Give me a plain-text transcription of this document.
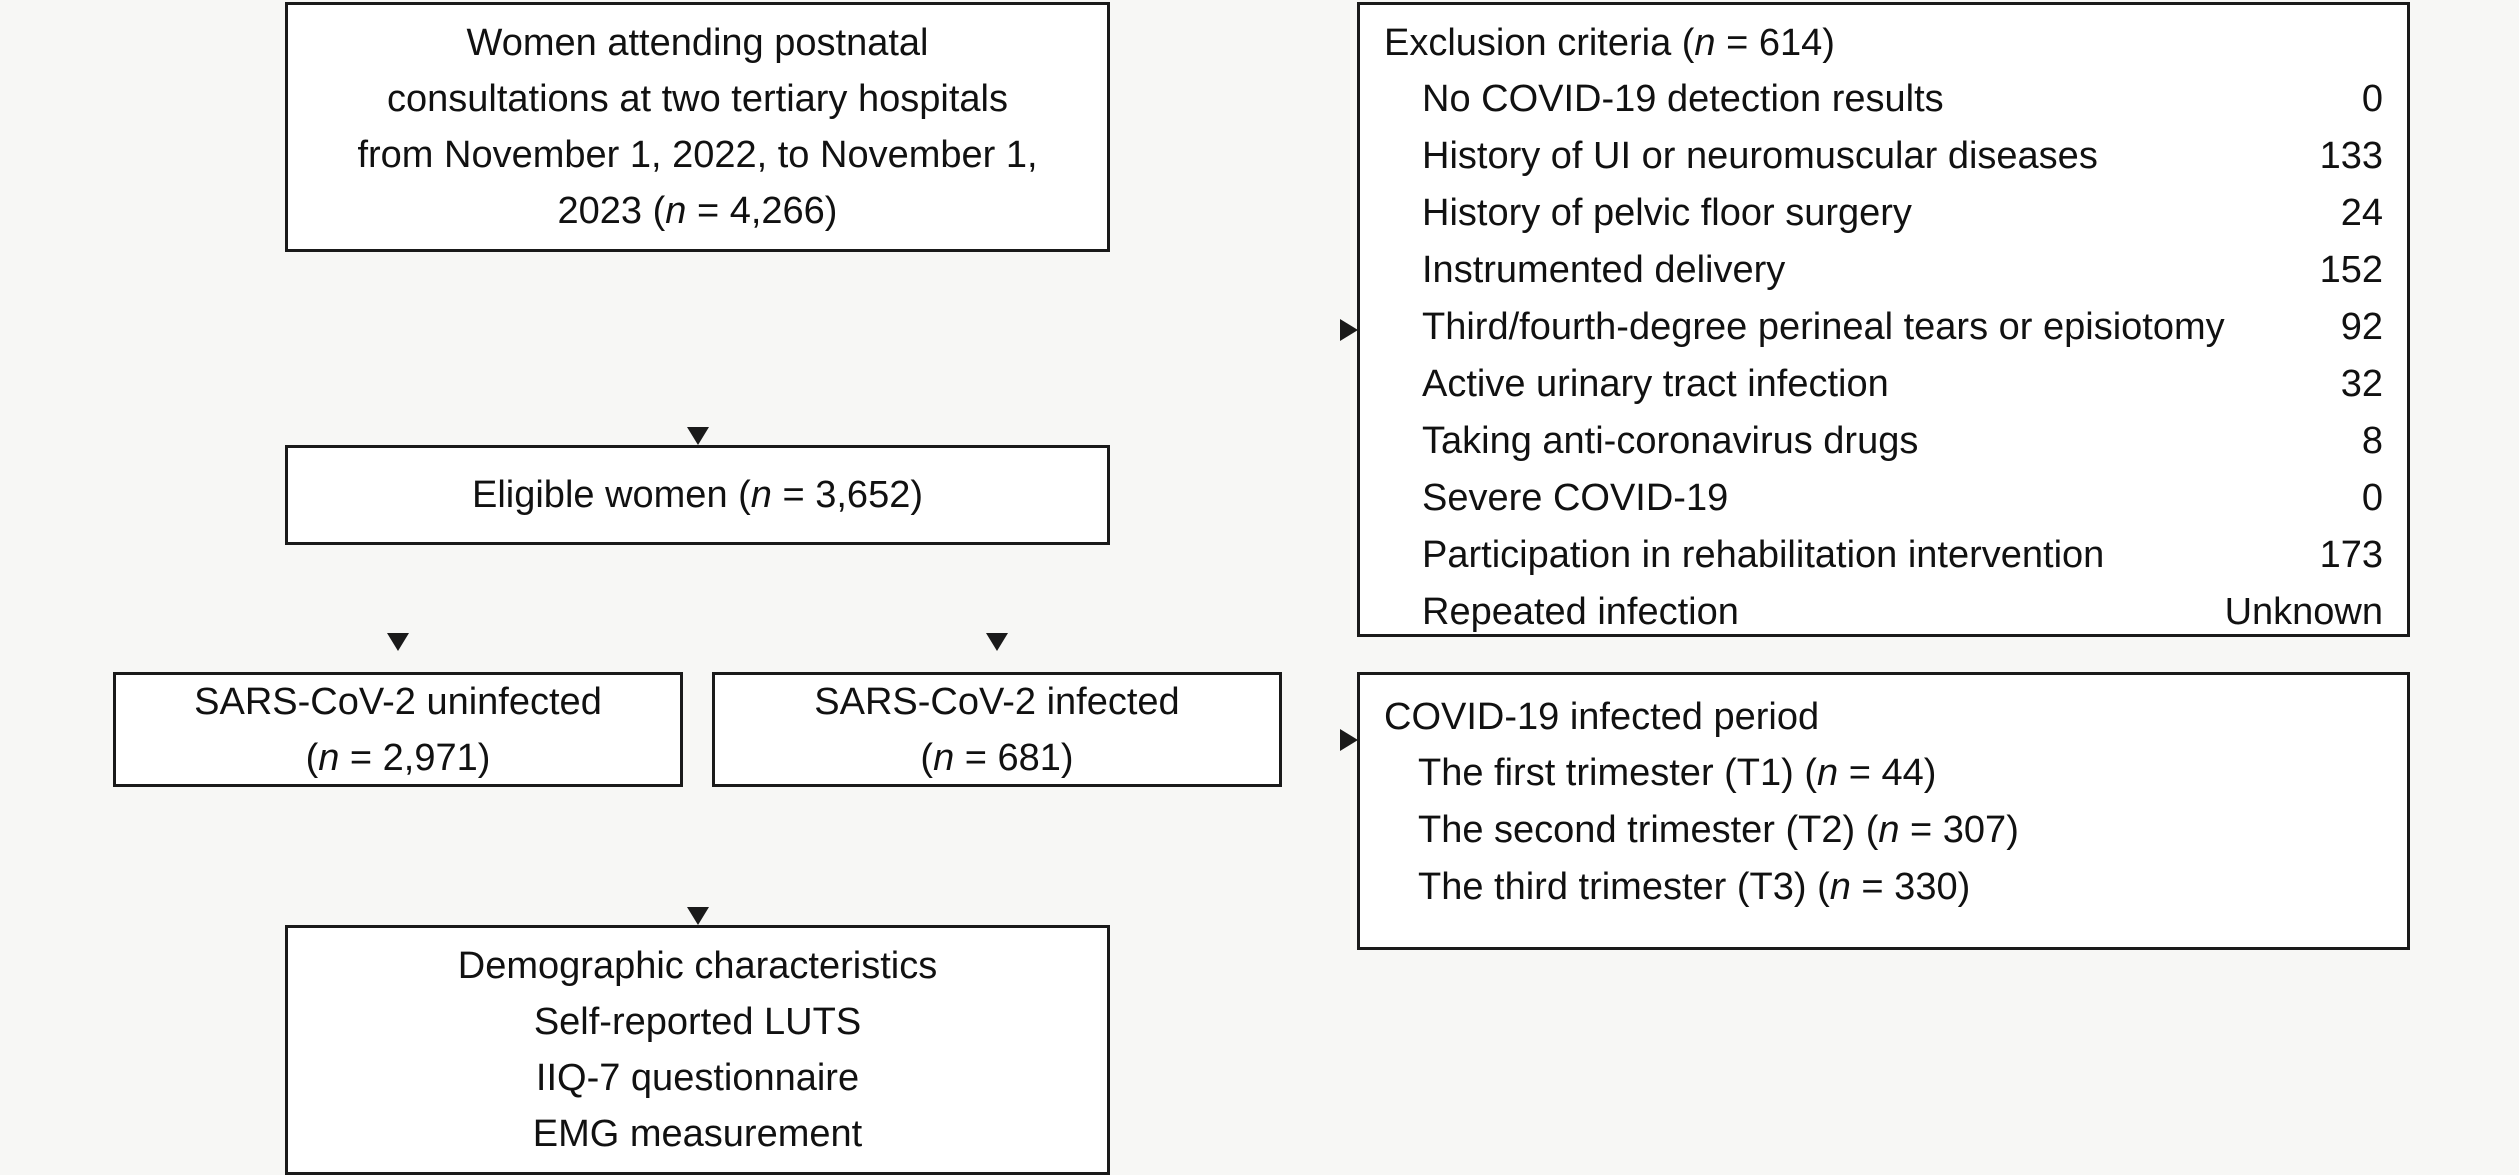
Women attending postnatal
consultations at two tertiary hospitals
from November 1, 2022, to November 1,
2023 (n = 4,266)
Eligible women (n = 3,652)
SARS-CoV-2 uninfected
(n = 2,971)
SARS-CoV-2 infected
(n = 681)
Demographic characteristics
Self-reported LUTS
IIQ-7 questionnaire
EMG measurement
Exclusion criteria (n = 614)
No COVID-19 detection results	0
History of UI or neuromuscular diseases	133
History of pelvic floor surgery	24
Instrumented delivery	152
Third/fourth-degree perineal tears or episiotomy	92
Active urinary tract infection	32
Taking anti-coronavirus drugs	8
Severe COVID-19	0
Participation in rehabilitation intervention	173
Repeated infection	Unknown
COVID-19 infected period
The first trimester (T1) (n = 44)
The second trimester (T2) (n = 307)
The third trimester (T3) (n = 330)
